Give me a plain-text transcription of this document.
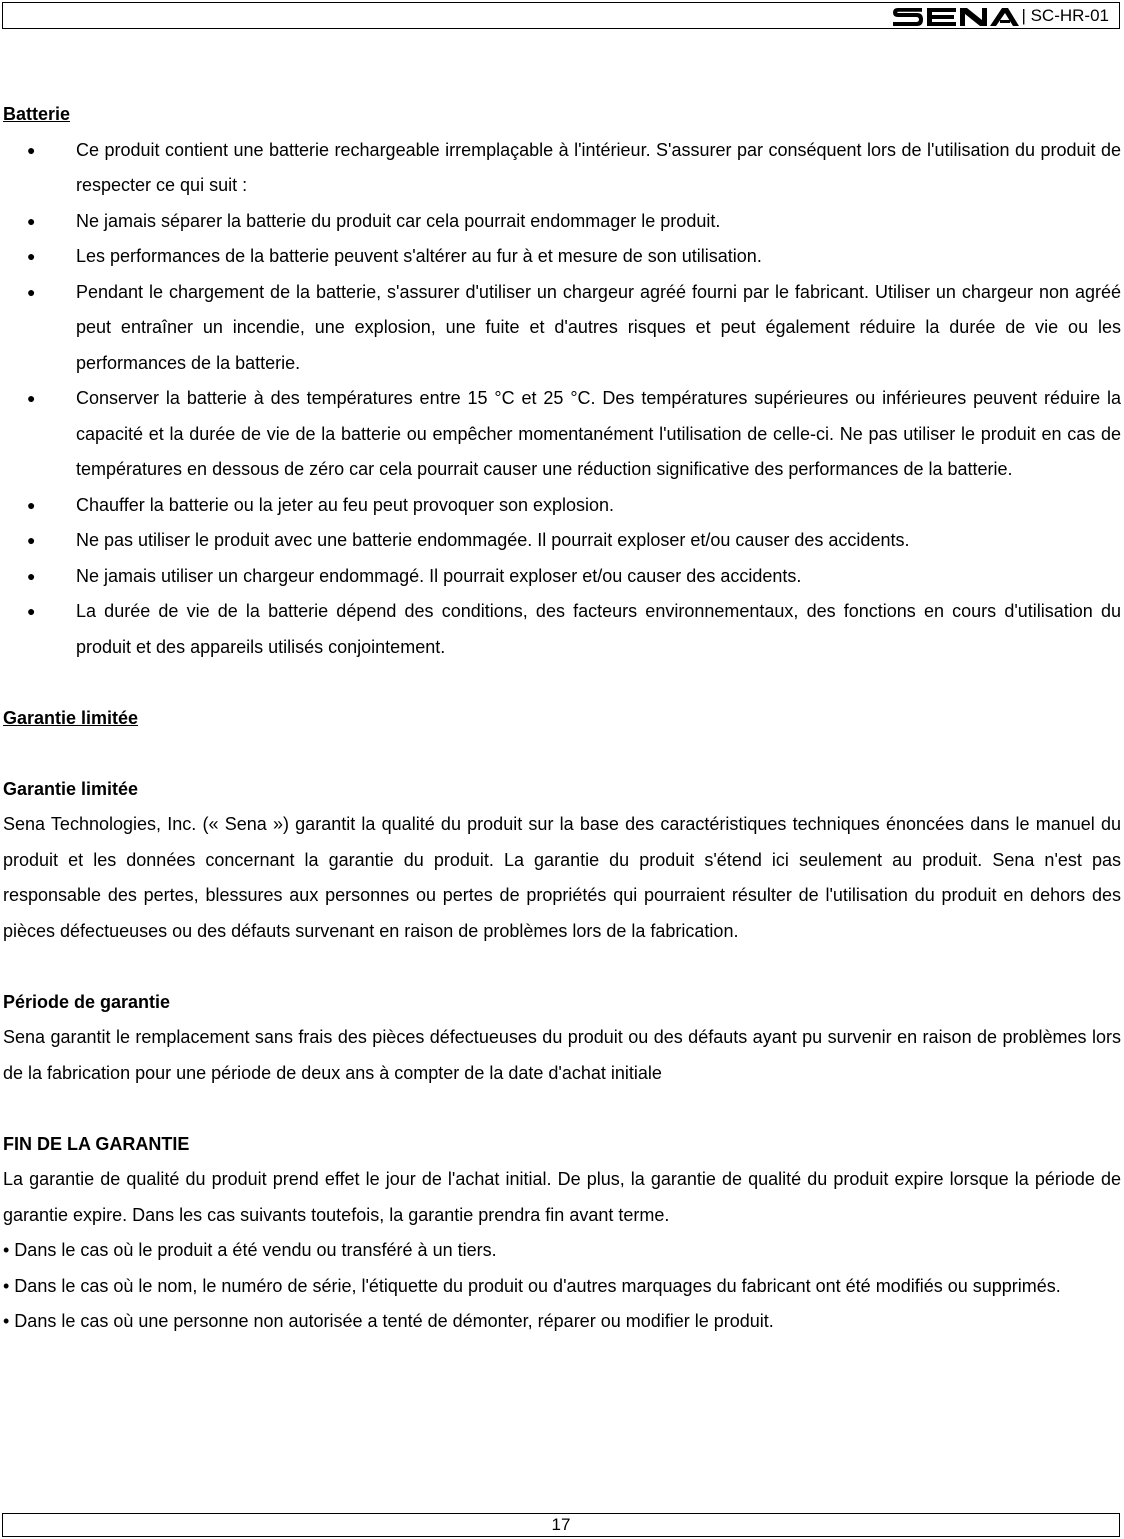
| SC-HR-01
Batterie
● Ce produit contient une batterie rechargeable irremplaçable à l'intérieur. S'assurer par conséquent lors de l'utilisation du produit de respecter ce qui suit :
● Ne jamais séparer la batterie du produit car cela pourrait endommager le produit.
● Les performances de la batterie peuvent s'altérer au fur à et mesure de son utilisation.
● Pendant le chargement de la batterie, s'assurer d'utiliser un chargeur agréé fourni par le fabricant. Utiliser un chargeur non agréé peut entraîner un incendie, une explosion, une fuite et d'autres risques et peut également réduire la durée de vie ou les performances de la batterie.
● Conserver la batterie à des températures entre 15 °C et 25 °C. Des températures supérieures ou inférieures peuvent réduire la capacité et la durée de vie de la batterie ou empêcher momentanément l'utilisation de celle-ci. Ne pas utiliser le produit en cas de températures en dessous de zéro car cela pourrait causer une réduction significative des performances de la batterie.
● Chauffer la batterie ou la jeter au feu peut provoquer son explosion.
● Ne pas utiliser le produit avec une batterie endommagée. Il pourrait exploser et/ou causer des accidents.
● Ne jamais utiliser un chargeur endommagé. Il pourrait exploser et/ou causer des accidents.
● La durée de vie de la batterie dépend des conditions, des facteurs environnementaux, des fonctions en cours d'utilisation du produit et des appareils utilisés conjointement.
Garantie limitée
Garantie limitée

Sena Technologies, Inc. (« Sena ») garantit la qualité du produit sur la base des caractéristiques techniques énoncées dans le manuel du produit et les données concernant la garantie du produit. La garantie du produit s'étend ici seulement au produit. Sena n'est pas responsable des pertes, blessures aux personnes ou pertes de propriétés qui pourraient résulter de l'utilisation du produit en dehors des pièces défectueuses ou des défauts survenant en raison de problèmes lors de la fabrication.

Période de garantie

Sena garantit le remplacement sans frais des pièces défectueuses du produit ou des défauts ayant pu survenir en raison de problèmes lors de la fabrication pour une période de deux ans à compter de la date d'achat initiale

FIN DE LA GARANTIE

La garantie de qualité du produit prend effet le jour de l'achat initial. De plus, la garantie de qualité du produit expire lorsque la période de garantie expire. Dans les cas suivants toutefois, la garantie prendra fin avant terme.

• Dans le cas où le produit a été vendu ou transféré à un tiers.

• Dans le cas où le nom, le numéro de série, l'étiquette du produit ou d'autres marquages du fabricant ont été modifiés ou supprimés.

• Dans le cas où une personne non autorisée a tenté de démonter, réparer ou modifier le produit.

17
